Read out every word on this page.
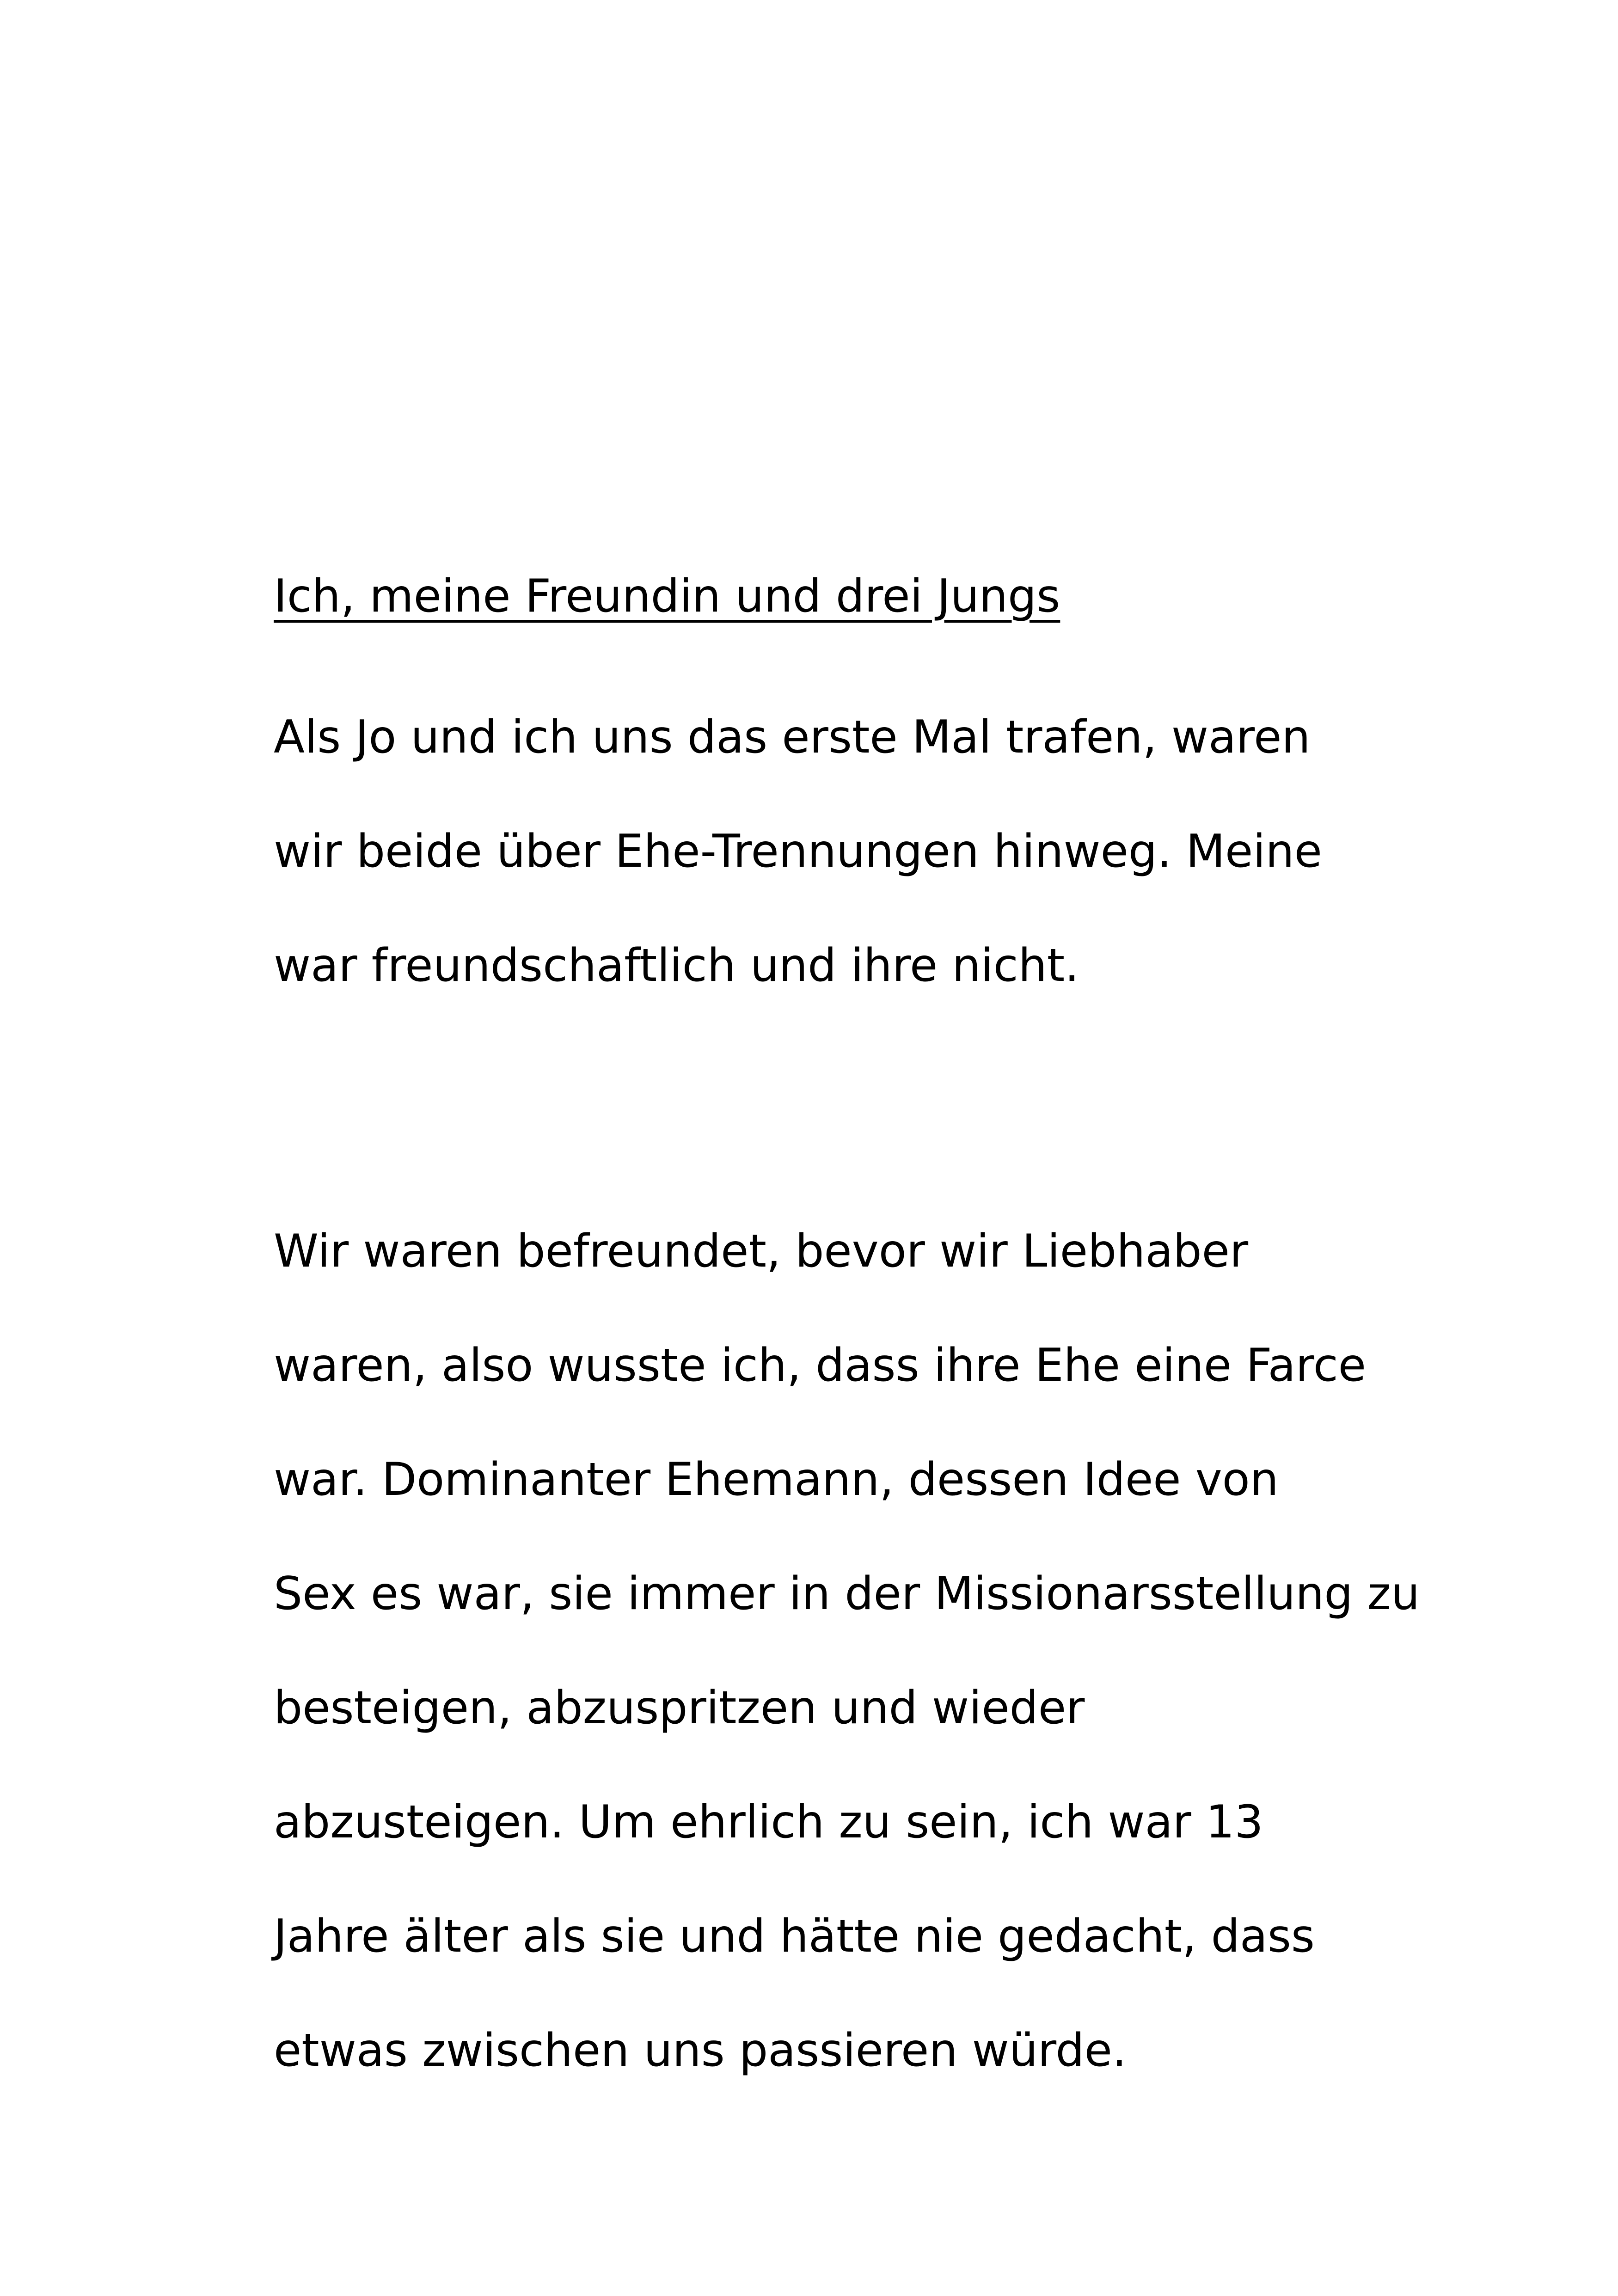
Ich, meine Freundin und drei Jungs

Als Jo und ich uns das erste Mal trafen, waren

wir beide über Ehe-Trennungen hinweg. Meine

war freundschaftlich und ihre nicht.

Wir waren befreundet, bevor wir Liebhaber

waren, also wusste ich, dass ihre Ehe eine Farce

war. Dominanter Ehemann, dessen Idee von

Sex es war, sie immer in der Missionarsstellung zu

besteigen, abzuspritzen und wieder

abzusteigen. Um ehrlich zu sein, ich war 13

Jahre älter als sie und hätte nie gedacht, dass

etwas zwischen uns passieren würde.
